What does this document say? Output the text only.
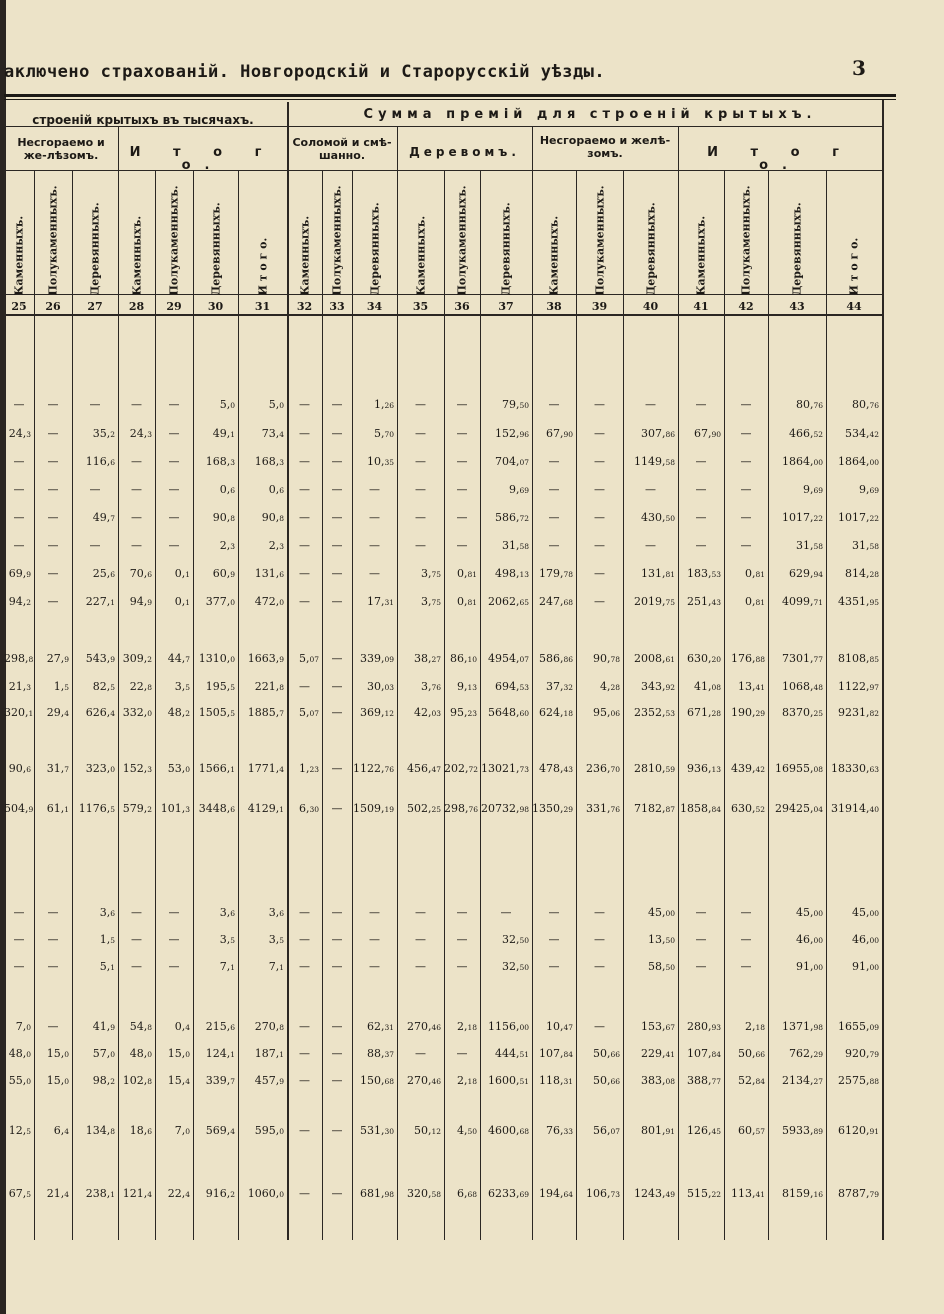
аключено страхованій. Новгородскій и Старорусскій уѣзды.	3
строеній крытыхъ въ тысячахъ.	Сумма премій для строеній крытыхъ.
Несгораемо и же-лѣзомъ.	И т о г о.
Соломой и смѣ-шанно.	Деревомъ.
Несгораемо и желѣ-зомъ.	И т о г о.
Каменныхъ. Полукаменныхъ.	Деревянныхъ.	Каменныхъ. Полукаменныхъ.	Деревянныхъ.	И т о г о.	Каменныхъ. Полукаменныхъ. Деревянныхъ.	Каменныхъ.	Полукаменныхъ.	Деревянныхъ.	Каменныхъ.	Полукаменныхъ.	Деревянныхъ.	Каменныхъ.	Полукаменныхъ.	Деревянныхъ.	И т о г о.
25	26	27	28	29	30	31	32	33	34	35	36	37	38	39	40	41	42	43	44
—	—	—	—	—	5,0	5,0	—	—	1,26	—	—	79,50	—	—	—	—	—	80,76	80,76
24,3	—	35,2	24,3	—	49,1	73,4	—	—	5,70	—	—	152,96	67,90	—	307,86	67,90	—	466,52	534,42
—	—	116,6	—	—	168,3	168,3	—	—	10,35	—	—	704,07	—	—	1149,58	—	—	1864,00	1864,00
—	—	—	—	—	0,6	0,6	—	—	—	—	—	9,69	—	—	—	—	—	9,69	9,69
—	—	49,7	—	—	90,8	90,8	—	—	—	—	—	586,72	—	—	430,50	—	—	1017,22	1017,22
—	—	—	—	—	2,3	2,3	—	—	—	—	—	31,58	—	—	—	—	—	31,58	31,58
69,9	—	25,6	70,6	0,1	60,9	131,6	—	—	—	3,75	0,81	498,13 179,78	—	131,81	183,53	0,81	629,94	814,28
94,2	—	227,1	94,9	0,1	377,0	472,0	—	—	17,31	3,75	0,81 2062,65 247,68	—	2019,75	251,43	0,81	4099,71	4351,95
298,8	27,9	543,9 309,2	44,7 1310,0	1663,9	5,07	—	339,09	38,27 86,10 4954,07 586,86	90,78	2008,61	630,20 176,88	7301,77	8108,85
21,3	1,5	82,5	22,8	3,5	195,5	221,8	—	—	30,03	3,76	9,13	694,53	37,32	4,28	343,92	41,08	13,41	1068,48	1122,97
320,1	29,4	626,4 332,0	48,2 1505,5	1885,7	5,07	—	369,12	42,03 95,23 5648,60 624,18	95,06	2352,53	671,28 190,29	8370,25	9231,82
90,6	31,7	323,0 152,3	53,0 1566,1	1771,4	1,23	— 1122,76	456,47 202,72 13021,73 478,43	236,70	2810,59	936,13 439,42 16955,08 18330,63
504,9	61,1 1176,5 579,2 101,3 3448,6	4129,1	6,30	— 1509,19	502,25 298,76 20732,98 1350,29	331,76	7182,87 1858,84 630,52 29425,04 31914,40
—	—	3,6	—	—	3,6	3,6	—	—	—	—	—	—	—	—	45,00	—	—	45,00	45,00
—	—	1,5	—	—	3,5	3,5	—	—	—	—	—	32,50	—	—	13,50	—	—	46,00	46,00
—	—	5,1	—	—	7,1	7,1	—	—	—	—	—	32,50	—	—	58,50	—	—	91,00	91,00
7,0	—	41,9	54,8	0,4	215,6	270,8	—	—	62,31	270,46	2,18 1156,00	10,47	—	153,67	280,93	2,18	1371,98	1655,09
48,0	15,0	57,0	48,0	15,0	124,1	187,1	—	—	88,37	—	—	444,51 107,84	50,66	229,41	107,84	50,66	762,29	920,79
55,0	15,0	98,2 102,8	15,4	339,7	457,9	—	—	150,68	270,46	2,18 1600,51 118,31	50,66	383,08	388,77	52,84	2134,27	2575,88
12,5	6,4	134,8	18,6	7,0	569,4	595,0	—	—	531,30	50,12	4,50 4600,68	76,33	56,07	801,91	126,45	60,57	5933,89	6120,91
67,5	21,4	238,1 121,4	22,4	916,2	1060,0	—	—	681,98	320,58	6,68 6233,69 194,64	106,73	1243,49	515,22 113,41	8159,16	8787,79
